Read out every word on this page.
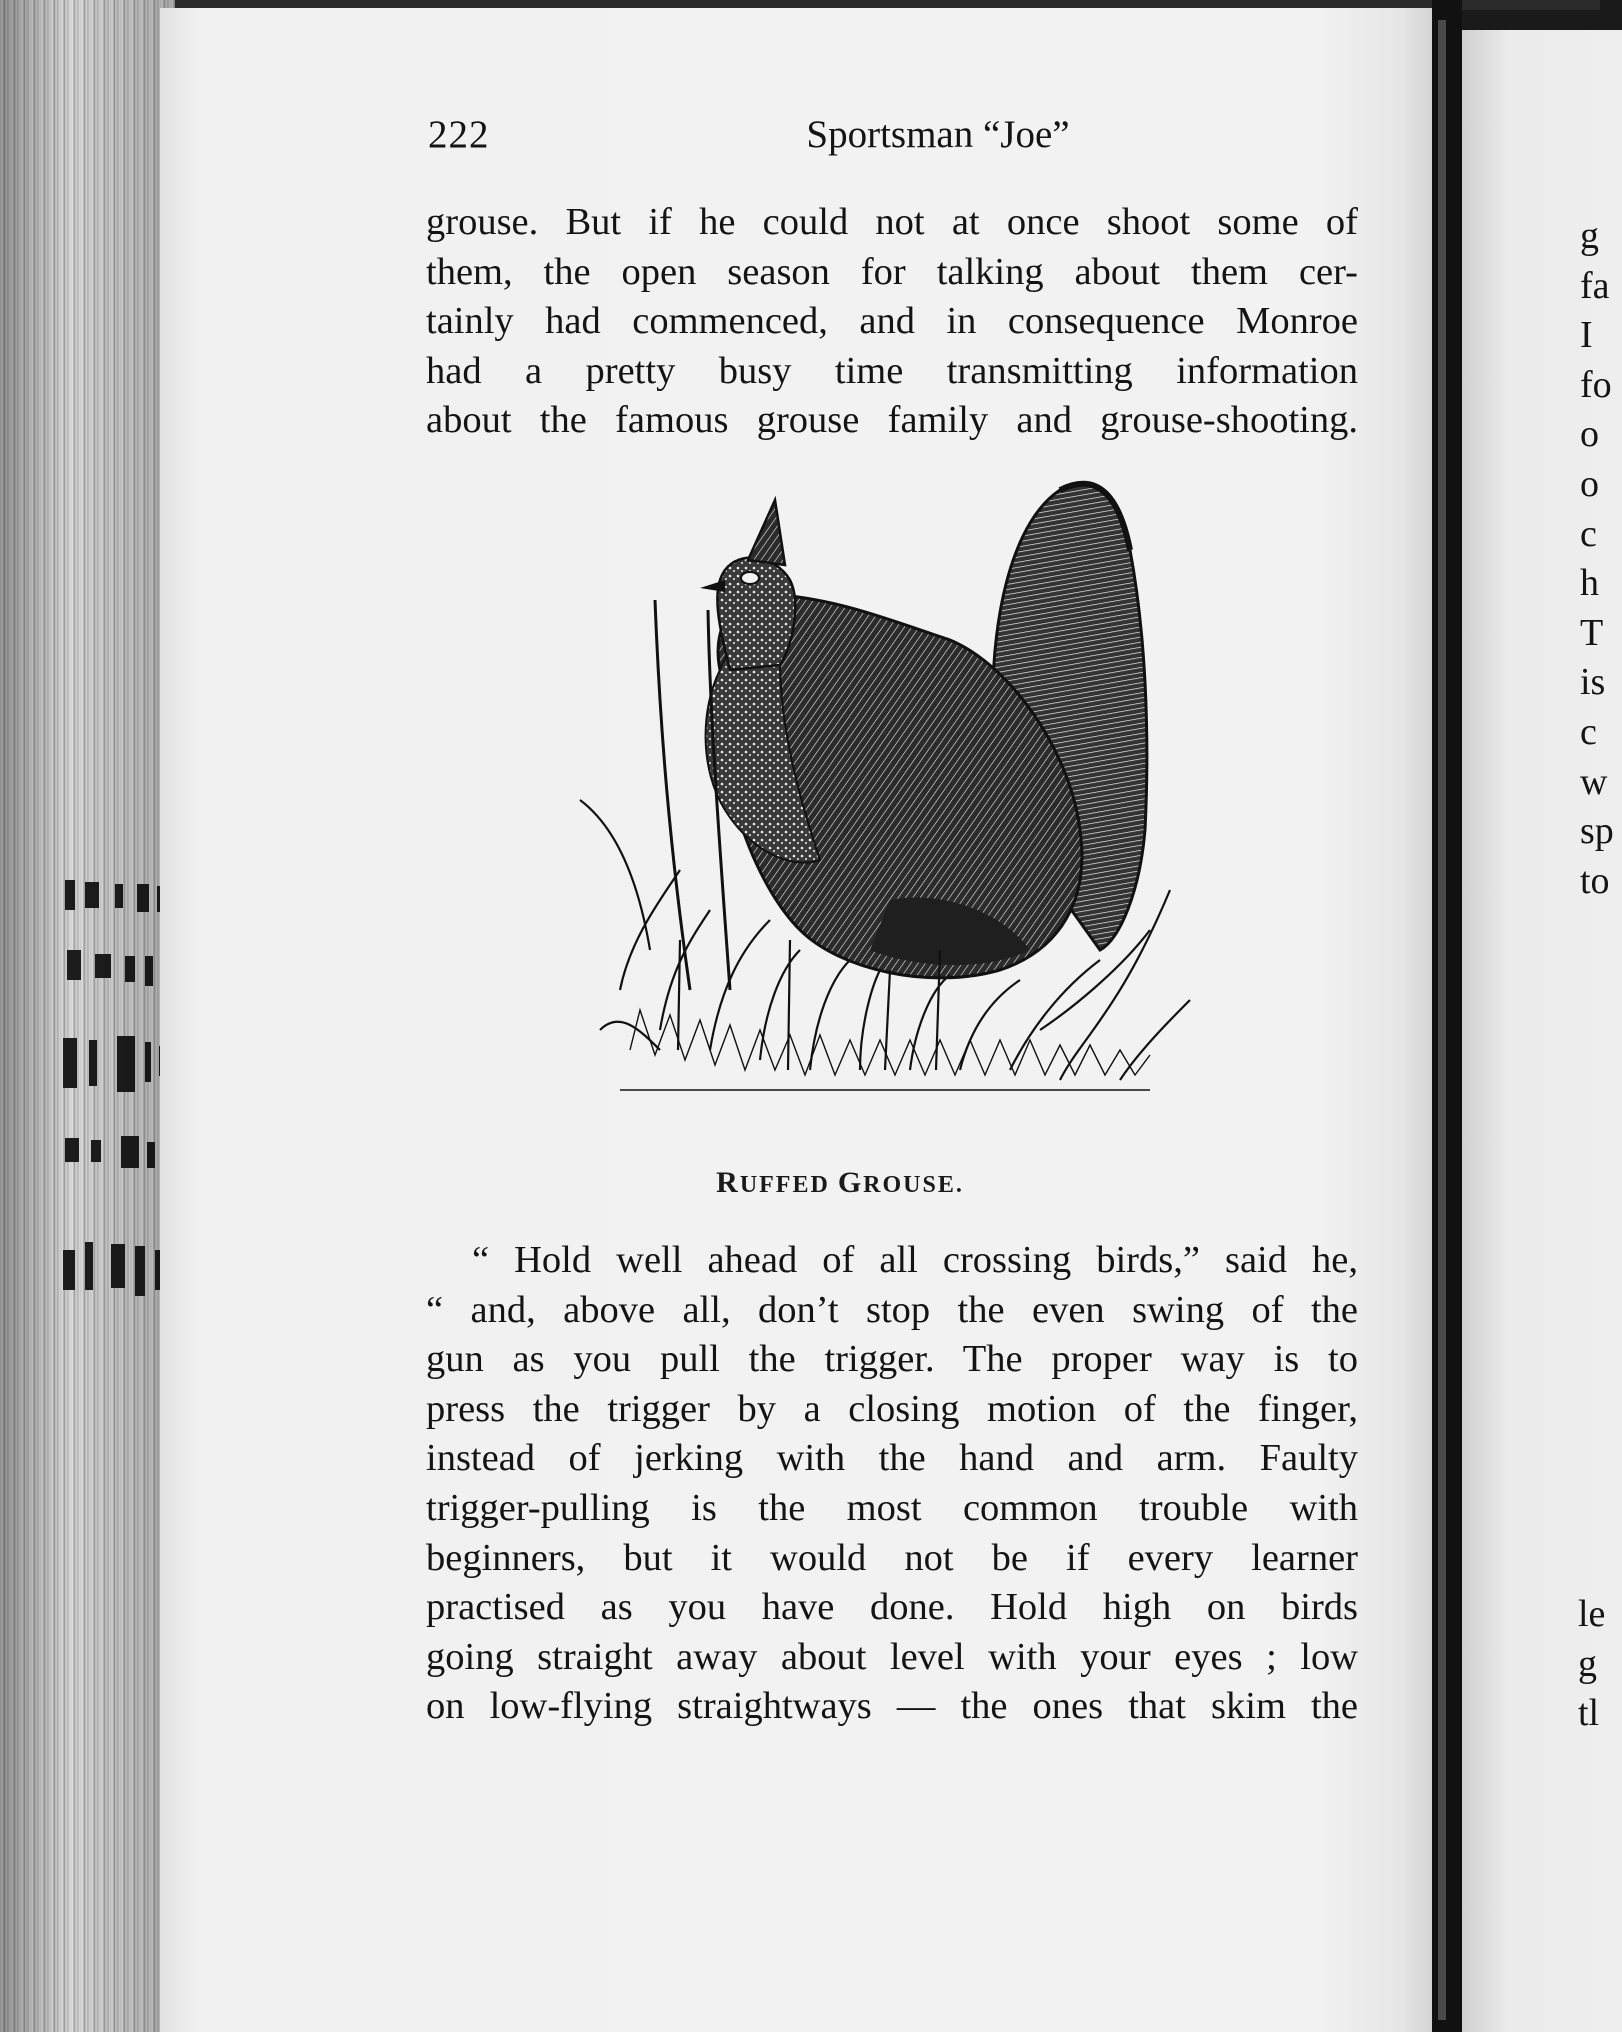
222	Sportsman “Joe”
grouse. But if he could not at once shoot some of
them, the open season for talking about them cer-
tainly had commenced, and in consequence Monroe
had a pretty busy time transmitting information
about the famous grouse family and grouse-shooting.
RUFFED GROUSE.
“ Hold well ahead of all crossing birds,” said he,
“ and, above all, don’t stop the even swing of the
gun as you pull the trigger. The proper way is to
press the trigger by a closing motion of the finger,
instead of jerking with the hand and arm. Faulty
trigger-pulling is the most common trouble with
beginners, but it would not be if every learner
practised as you have done. Hold high on birds
going straight away about level with your eyes ; low
on low-flying straightways — the ones that skim the
g
fa
I
fo
o
o
c
h
T
is
c
w
sp
to
le
g
tl
